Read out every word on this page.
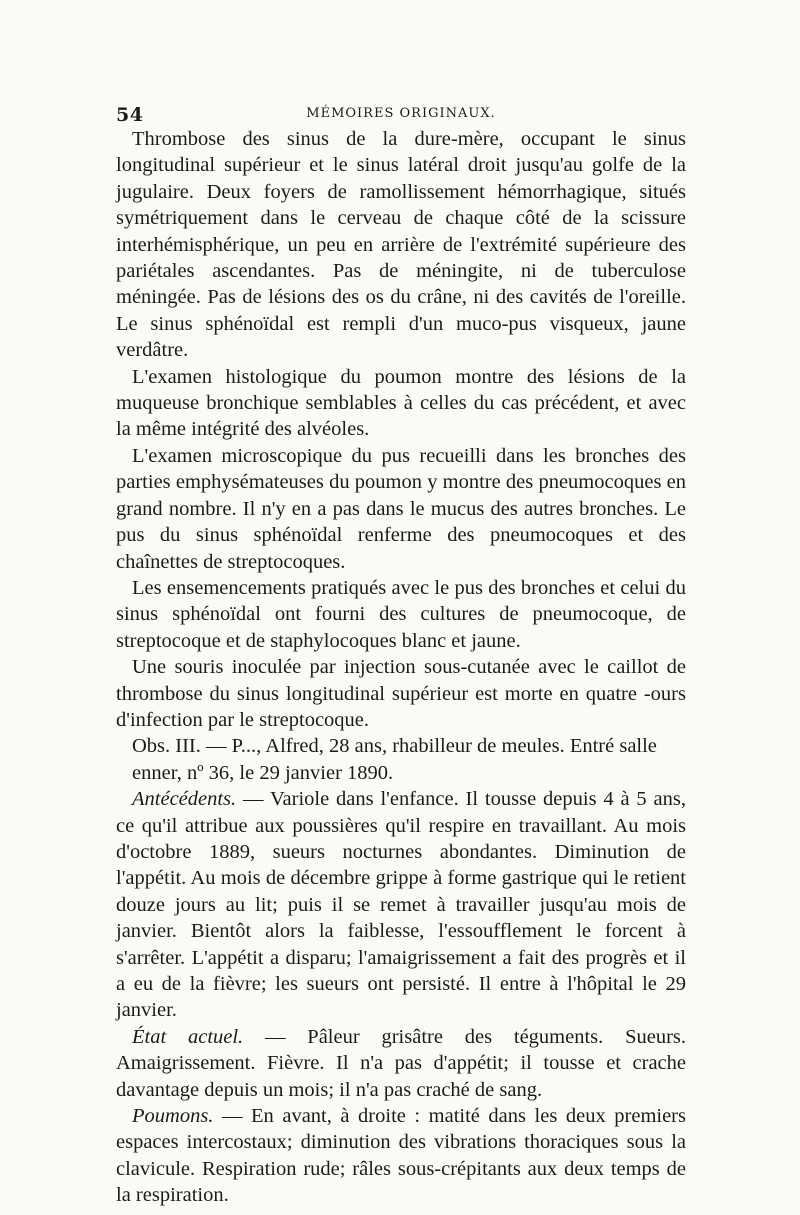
54	MÉMOIRES ORIGINAUX.

Thrombose des sinus de la dure-mère, occupant le sinus longitudinal supérieur et le sinus latéral droit jusqu'au golfe de la jugulaire. Deux foyers de ramollissement hémorrhagique, situés symétriquement dans le cerveau de chaque côté de la scissure interhémisphérique, un peu en arrière de l'extrémité supérieure des pariétales ascendantes. Pas de méningite, ni de tuberculose méningée. Pas de lésions des os du crâne, ni des cavités de l'oreille. Le sinus sphénoïdal est rempli d'un muco-pus visqueux, jaune verdâtre.

L'examen histologique du poumon montre des lésions de la muqueuse bronchique semblables à celles du cas précédent, et avec la même intégrité des alvéoles.

L'examen microscopique du pus recueilli dans les bronches des parties emphysémateuses du poumon y montre des pneumocoques en grand nombre. Il n'y en a pas dans le mucus des autres bronches. Le pus du sinus sphénoïdal renferme des pneumocoques et des chaînettes de streptocoques.

Les ensemencements pratiqués avec le pus des bronches et celui du sinus sphénoïdal ont fourni des cultures de pneumocoque, de streptocoque et de staphylocoques blanc et jaune.

Une souris inoculée par injection sous-cutanée avec le caillot de thrombose du sinus longitudinal supérieur est morte en quatre -ours d'infection par le streptocoque.

Obs. III. — P..., Alfred, 28 ans, rhabilleur de meules. Entré salle

enner, nº 36, le 29 janvier 1890.

Antécédents. — Variole dans l'enfance. Il tousse depuis 4 à 5 ans, ce qu'il attribue aux poussières qu'il respire en travaillant. Au mois d'octobre 1889, sueurs nocturnes abondantes. Diminution de l'appétit. Au mois de décembre grippe à forme gastrique qui le retient douze jours au lit; puis il se remet à travailler jusqu'au mois de janvier. Bientôt alors la faiblesse, l'essoufflement le forcent à s'arrêter. L'appétit a disparu; l'amaigrissement a fait des progrès et il a eu de la fièvre; les sueurs ont persisté. Il entre à l'hôpital le 29 janvier.

État actuel. — Pâleur grisâtre des téguments. Sueurs. Amaigrissement. Fièvre. Il n'a pas d'appétit; il tousse et crache davantage depuis un mois; il n'a pas craché de sang.

Poumons. — En avant, à droite : matité dans les deux premiers espaces intercostaux; diminution des vibrations thoraciques sous la clavicule. Respiration rude; râles sous-crépitants aux deux temps de la respiration.
